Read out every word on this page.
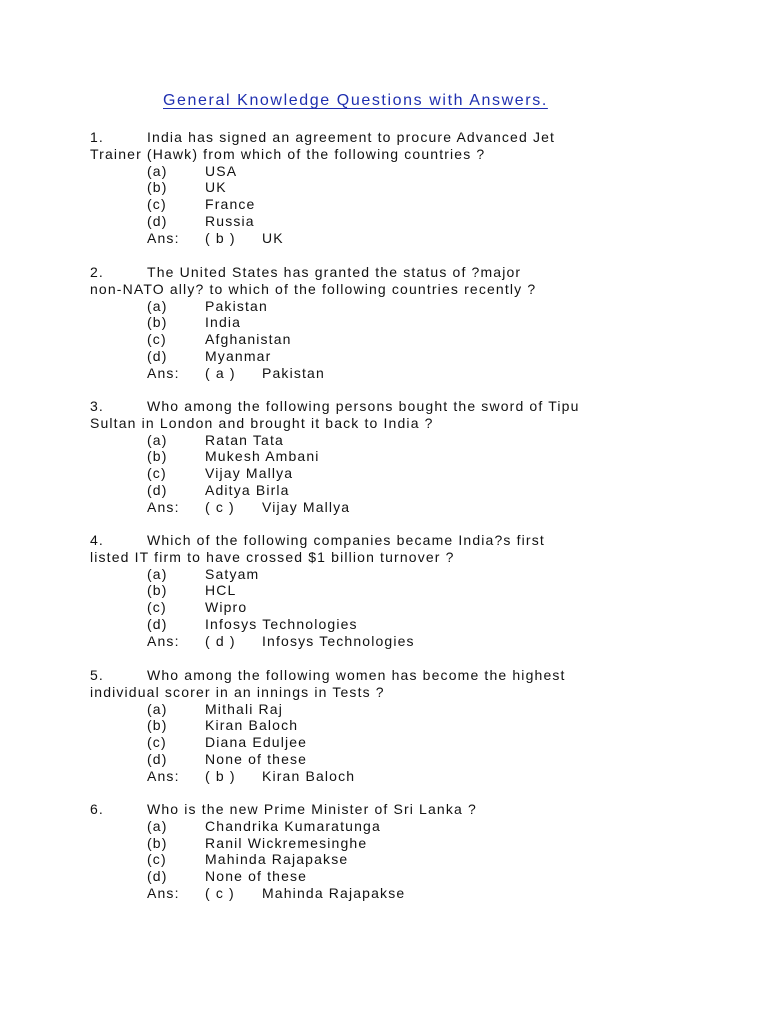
General Knowledge Questions with Answers.
1.	India has signed an agreement to procure Advanced Jet
Trainer (Hawk) from which of the following countries ?
(a)	USA
(b)	UK
(c)	France
(d)	Russia
Ans: ( b ) UK
2.	The United States has granted the status of ?major
non-NATO ally? to which of the following countries recently ?
(a)	Pakistan
(b)	India
(c)	Afghanistan
(d)	Myanmar
Ans: ( a ) Pakistan
3.	Who among the following persons bought the sword of Tipu
Sultan in London and brought it back to India ?
(a)	Ratan Tata
(b)	Mukesh Ambani
(c)	Vijay Mallya
(d)	Aditya Birla
Ans: ( c ) Vijay Mallya
4.	Which of the following companies became India?s first
listed IT firm to have crossed $1 billion turnover ?
(a)	Satyam
(b)	HCL
(c)	Wipro
(d)	Infosys Technologies
Ans: ( d ) Infosys Technologies
5.	Who among the following women has become the highest
individual scorer in an innings in Tests ?
(a)	Mithali Raj
(b)	Kiran Baloch
(c)	Diana Eduljee
(d)	None of these
Ans: ( b ) Kiran Baloch
6.	Who is the new Prime Minister of Sri Lanka ?
(a)	Chandrika Kumaratunga
(b)	Ranil Wickremesinghe
(c)	Mahinda Rajapakse
(d)	None of these
Ans: ( c ) Mahinda Rajapakse
